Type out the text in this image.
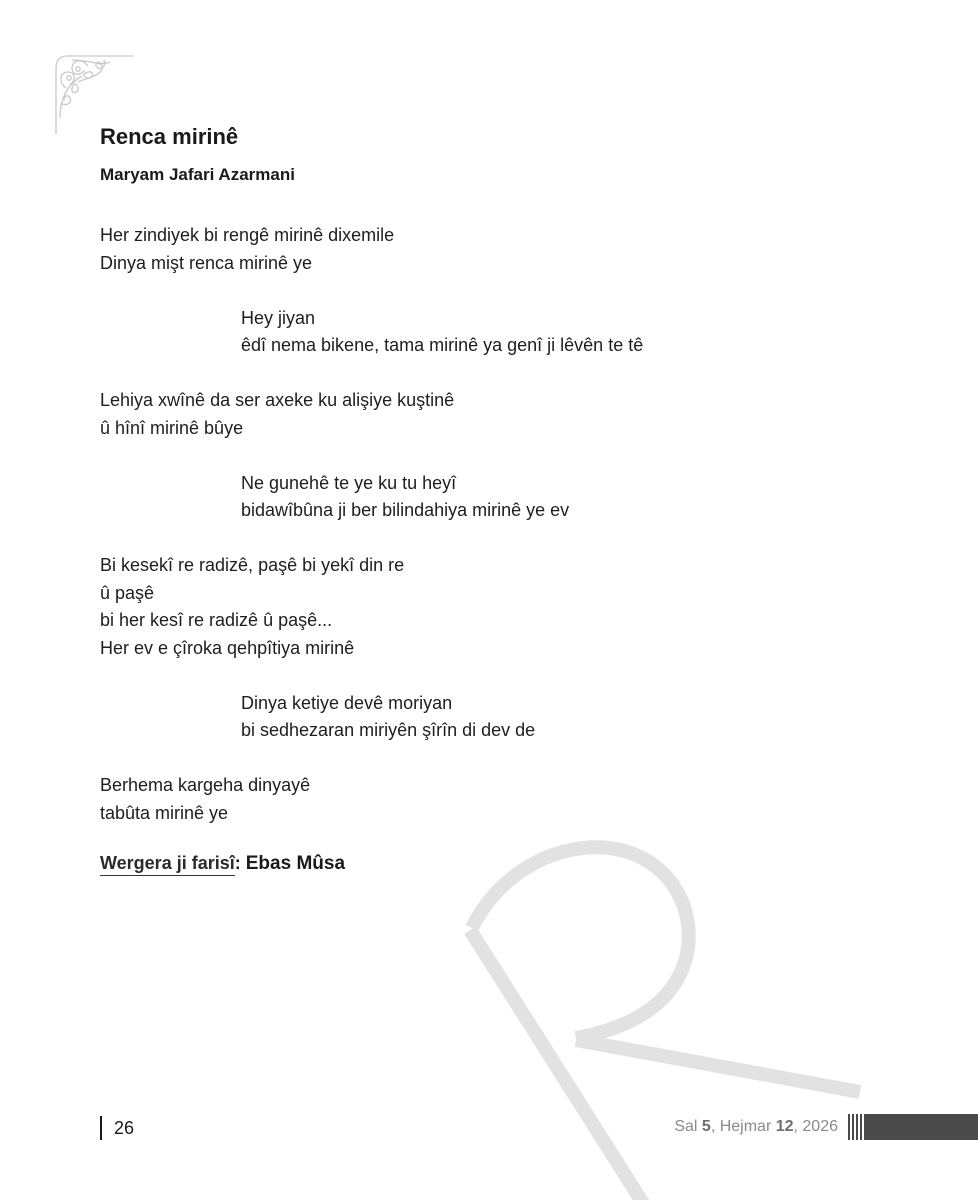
Renca mirinê
Maryam Jafari Azarmani
Her zindiyek bi rengê mirinê dixemile
Dinya mişt renca mirinê ye
Hey jiyan
êdî nema bikene, tama mirinê ya genî ji lêvên te tê
Lehiya xwînê da ser axeke ku alişiye kuştinê
û hînî mirinê bûye
Ne gunehê te ye ku tu heyî
bidawîbûna ji ber bilindahiya mirinê ye ev
Bi kesekî re radizê, paşê bi yekî din re
û paşê
bi her kesî re radizê û paşê...
Her ev e çîroka qehpîtiya mirinê
Dinya ketiye devê moriyan
bi sedhezaran miriyên şîrîn di dev de
Berhema kargeha dinyayê
tabûta mirinê ye
Wergera ji farisî: Ebas Mûsa
26	Sal 5, Hejmar 12, 2026
